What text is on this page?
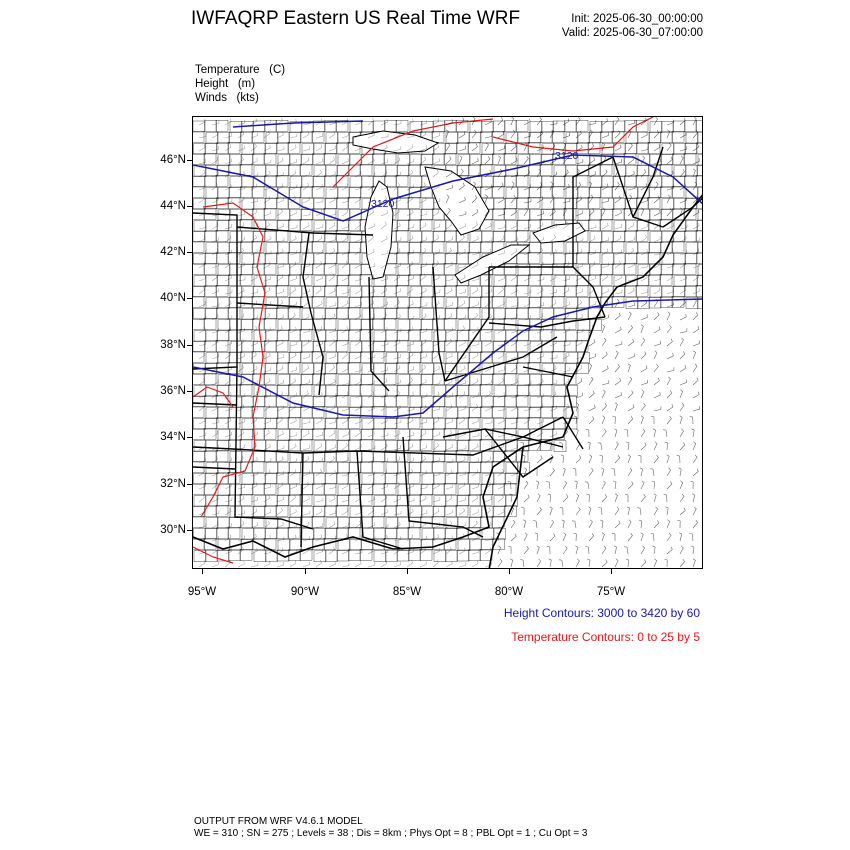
IWFAQRP Eastern US Real Time WRF	Init: 2025-06-30_00:00:00
Valid: 2025-06-30_07:00:00
Temperature   (C)
Height   (m)
Winds   (kts)
3120
3120
46°N
44°N
42°N
40°N
38°N
36°N
34°N
32°N
30°N
95°W	90°W	85°W	80°W	75°W
Height Contours: 3000 to 3420 by 60
Temperature Contours: 0 to 25 by 5
OUTPUT FROM WRF V4.6.1 MODEL
WE = 310 ; SN = 275 ; Levels = 38 ; Dis = 8km ; Phys Opt = 8 ; PBL Opt = 1 ; Cu Opt = 3
